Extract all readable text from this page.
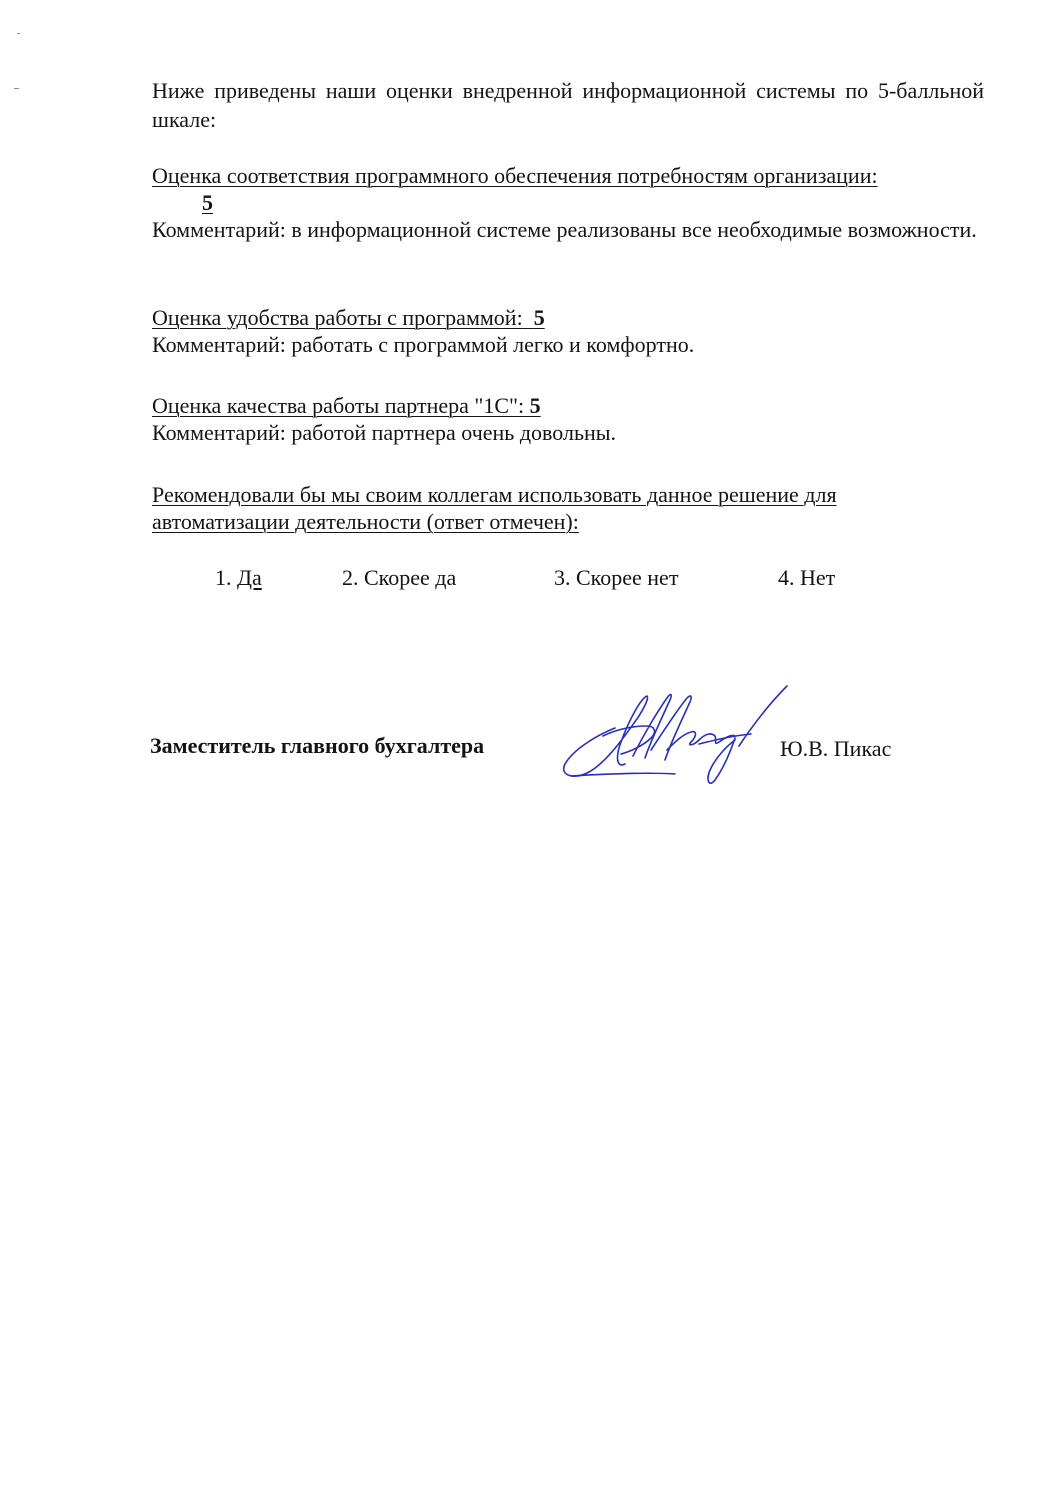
Ниже приведены наши оценки внедренной информационной системы по 5-балльной шкале:

Оценка соответствия программного обеспечения потребностям организации:
5
Комментарий: в информационной системе реализованы все необходимые возможности.
Оценка удобства работы с программой: 5
Комментарий: работать с программой легко и комфортно.
Оценка качества работы партнера "1С": 5
Комментарий: работой партнера очень довольны.
Рекомендовали бы мы своим коллегам использовать данное решение для автоматизации деятельности (ответ отмечен):
1. Да	2. Скорее да	3. Скорее нет	4. Нет
Заместитель главного бухгалтера	Ю.В. Пикас
